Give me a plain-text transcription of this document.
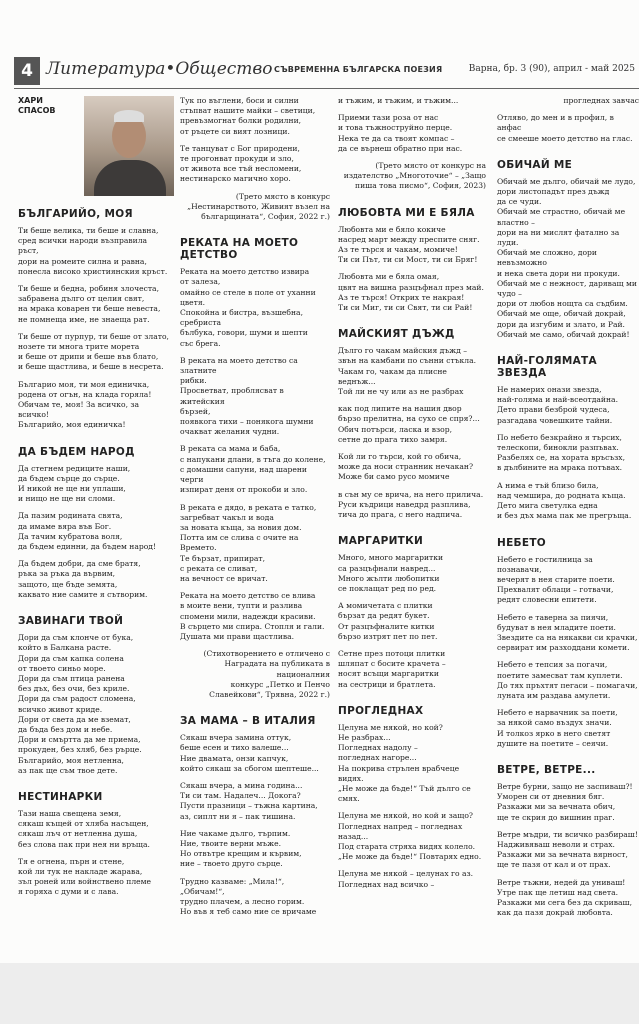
4 Литература•Общество СЪВРЕМЕННА БЪЛГАРСКА ПОЕЗИЯ	Варна, бр. 3 (90), април - май 2025
ХАРИ
СПАСОВ
БЪЛГАРИЙО, МОЯ

Ти беше велика, ти беше и славна,
сред всички народи възправила ръст,
дори на ромеите силна и равна,
понесла високо християнския кръст.

Ти беше и бедна, робиня злочеста,
забравена дълго от целия свят,
на мрака коварен ти беше невеста,
не помнеща име, не знаеща рат.

Ти беше от пурпур, ти беше от злато,
нозете ти многа трите морета
и беше от дрипи и беше във блато,
и беше щастлива, и беше в несрета.

Българио моя, ти моя единичка,
родена от огън, на клада горяла!
Обичам те, моя! За всичко, за всичко!
Българийо, моя единичка!

ДА БЪДЕМ НАРОД

Да стегнем редиците наши,
да бъдем сърце до сърце.
И никой не ще ни уплаши,
и нищо не ще ни сломи.

Да пазим родината свята,
да имаме вяра във Бог.
Да тачим кубратова воля,
да бъдем единни, да бъдем народ!

Да бъдем добри, да сме братя,
ръка за ръка да вървим,
защото, ще бъде земята,
каквато ние самите я сътворим.

ЗАВИНАГИ ТВОЙ

Дори да съм клонче от бука,
който в Балкана расте.
Дори да съм капка солена
от твоето синьо море.
Дори да съм птица ранена
без дъх, без очи, без крилe.
Дори да съм радост сломена,
всичко живот криде.
Дори от света да ме вземат,
да бъда без дом и небе.
Дори и смъртта да ме приема,
прокуден, без хляб, без рърце.
Българийо, моя нетленна,
аз пак ще съм твое дете.

НЕСТИНАРКИ

Тази наша свещена земя,
сякаш къщей от хляба насъщен,
сякаш лъч от нетленна душа,
без слова пак при нея ни връща.

Тя е огнена, пърн и стене,
кой ли тук не накладе жарава,
зъл роней или войнствено племе
я горяха с думи и с лава.

Тук по въглени, боси и силни
стъпват нашите майки – светици,
превъзмогнат болки родилни,
от ръцете си вият лозници.

Те танцуват с Бог природени,
те прогонват прокуди и зло,
от живота все тъй несломени,
нестинарско магично хоро.

(Трето място в конкурс
„Нестинарството, Живият възел на
българщината“, София, 2022 г.)

РЕКАТА НА МОЕТО
ДЕТСТВО

Реката на моето детство извира
от залеза,
омайно се стеле в поле от уханни
цветя.
Спокойна и бистра, възшебна,
сребриста
бълбука, говори, шуми и шепти
със брега.

В реката на моето детство са златните
рибки.
Просветват, проблясват в житейския
бързей,
появкога тихи – понякога шумни
очакват желания чудни.

В реката са мама и баба,
с напукани длани, в тъга до колене,
с домашни сапуни, над шарени черги
изпират деня от прокоби и зло.

В реката е дядо, в реката е татко,
загребват чакъл и вода
за новата къща, за новия дом.
Потта им се слива с очите на Времето.
Те бързат, припират,
с реката се сливат,
на вечност се вричат.

Реката на моето детство се влива
в моите вени, тупти и разлива
спомени мили, надежди красиви.
В сърцето ми спира. Стопля и гали.
Душата ми прави щастлива.

(Стихотворението е отличено с
Наградата на публиката в националния
конкурс „Петко и Пенчо
Славейкови“, Трявна, 2022 г.)

ЗА МАМА – В ИТАЛИЯ

Сякаш вчера замина оттук,
беше есен и тихо валеше...
Ние двамата, онзи капчук,
който сякаш за сбогом шептеше...

Сякаш вчера, а мина година...
Ти си там. Надалеч... Докога?
Пусти празници – тъжна картина,
аз, сиплт ни я – пак тишина.

Ние чакаме дълго, търпим.
Ние, твоите верни мъже.
Но отвътре крещим и кървим,
ние – твоето друго сърце.

Трудно казваме: „Мила!“, „Обичам!“,
трудно плачем, а лесно горим.
Но във я теб само ние се вричаме

и тъжим, и тъжим, и тъжим...

Приеми тази роза от нас
и това тъжноструйно перце.
Нека те да са твоят компас –
да се върнеш обратно при нас.

(Трето място от конкурс на
издателство „Многоточие“ – „Защо
пиша това писмо“, София, 2023)

ЛЮБОВТА МИ Е БЯЛА

Любовта ми е бяло кокиче
насред март между преспите сняг.
Аз те търся и чакам, момиче!
Ти си Път, ти си Мост, ти си Бряг!

Любовта ми е бяла омая,
цвят на вишна разцъфнал през май.
Аз те търся! Открих те накрая!
Ти си Миг, ти си Свят, ти си Рай!

МАЙСКИЯТ ДЪЖД

Дълго го чакам майския дъжд –
звън на камбани по сънни стъкла.
Чакам го, чакам да плисне веднъж...
Той ли не чу или аз не разбрах

как под липите на нашия двор
бързо прелитна, на сухо се спря?...
Обич потърси, ласка и взор,
сетне до прага тихо замря.

Кой ли го търси, кой го обича,
може да носи странник нечакан?
Може би само русо момиче

в сън му се врича, на него прилича.
Руси къдрици наведрд разплива,
тича до прага, с него надпича.

МАРГАРИТКИ

Много, много маргаритки
са разцъфнали навред...
Много жълти любопитки
се поклащат ред по ред.

А момичетата с плитки
бързат да редят букет.
От разцъфналите китки
бързо изтрят пет по пет.

Сетне през потоци плитки
шляпат с босите крачета –
носят всъщи маргаритки
на сестрици и братлета.

ПРОГЛЕДНАХ

Целуна ме някой, но кой?
Не разбрах...
Погледнах надолу –
погледнах нагоре...
На покрива стрълен врабчеце видях.
„Не може да бъде!“ Тъй дълго се смях.

Целуна ме някой, но кой и защо?
Погледнах напред – погледнах назад...
Под старата стряха видях колело.
„Не може да бъде!“ Повтарях едно.

Целуна ме някой – целунах го аз.
Погледнах над всичко –

прогледнах завчас

Отляво, до мен и в профил, в анфас
се смееше моето детство на глас.

ОБИЧАЙ МЕ

Обичай ме дълго, обичай ме лудо,
дори листопадът през дъжд
да се чуди.
Обичай ме страстно, обичай ме
властно –
дори на ни мислят фатално за луди.
Обичай ме сложно, дори невъзможно
и нека света дори ни прокуди.
Обичай ме с нежност, даряващ ми
чудо –
дори от любов нощта са съдбим.
Обичай ме още, обичай докрай,
дори да изгубим и злато, и Рай.
Обичай ме само, обичай докрай!

НАЙ-ГОЛЯМАТА ЗВЕЗДА

Не намерих онази звезда,
най-голяма и най-всеотдайна.
Дето прави безбрoй чудеса,
разгадава човешките тайни.

По небето безкрайно я търсих,
телескопи, бинокли разпъвах.
Разбелях се, на хората връсъзх,
в дълбините на мрака потъвах.

А нима е тъй близо била,
над чемшира, до родната къща.
Дето мига светулка една
и без дъх мама пак ме прегръща.

НЕБЕТО

Небето е гостилница за познавачи,
вечерят в нея старите поети.
Прехвалят облаци – готвачи,
редят словесни епитети.

Небето е таверна за пиячи,
будуват в нея младите поети.
Звездите са на някакви си крачки,
сервират им разходдани комети.

Небето е тепсия за погачи,
поетите замесват там куплети.
До тях пръхтят пегаси – помагачи,
луната им раздава амулети.

Небето е нарвачник за поети,
за някой само въздух значи.
И толкоз ярко в него светят
душите на поетите – сеячи.

ВЕТРЕ, ВЕТРЕ...

Ветре бурни, защо не заспиваш?!
Уморен си от дневния бяг.
Разкажи ми за вечната обич,
ще те скрия до вишнин праг.

Ветре мъдри, ти всичко разбираш!
Надживяваш неволи и страх.
Разкажи ми за вечната вярност,
ще те пазя от кал и от прах.

Ветре тъжни, недей да униваш!
Утре пак ще летиш над света.
Разкажи ми сега без да скриваш,
как да пазя докрай любовта.
